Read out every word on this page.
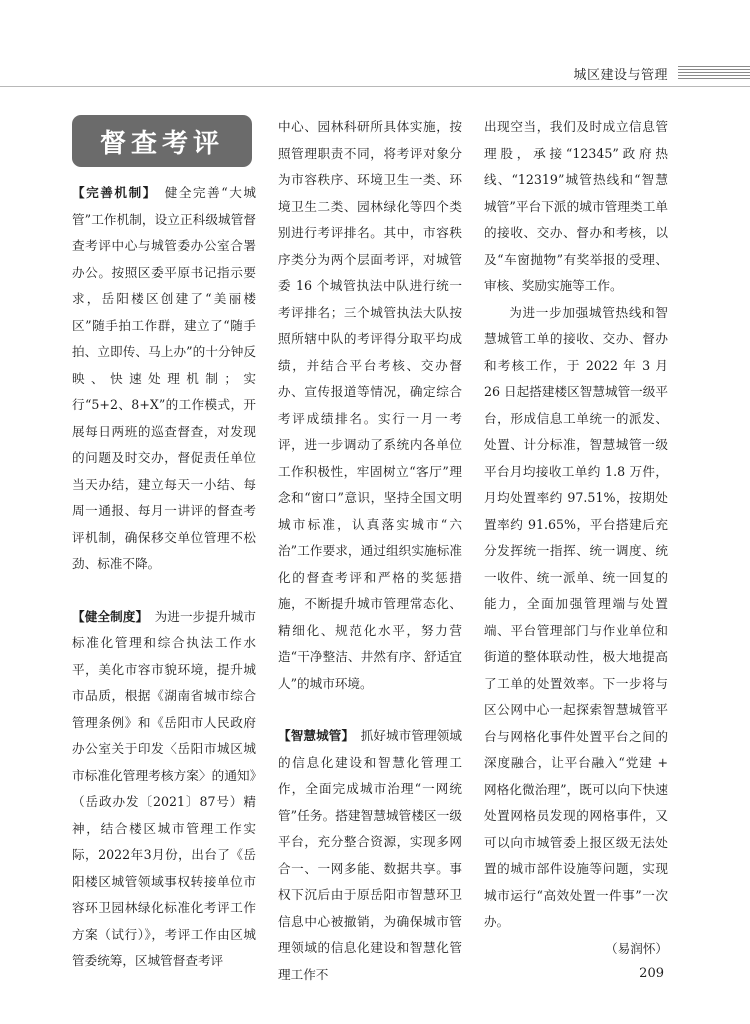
城区建设与管理
督查考评

【完善机制】　 健全完善“大城管”工作机制，设立正科级城管督查考评中心与城管委办公室合署办公。按照区委平原书记指示要求，岳阳楼区创建了“美丽楼区”随手拍工作群，建立了“随手拍、立即传、马上办”的十分钟反映、快速处理机制；实行“5+2、8+X”的工作模式，开展每日两班的巡查督查，对发现的问题及时交办，督促责任单位当天办结，建立每天一小结、每周一通报、每月一讲评的督查考评机制，确保移交单位管理不松劲、标准不降。

【健全制度】　 为进一步提升城市标准化管理和综合执法工作水平，美化市容市貌环境，提升城市品质，根据《湖南省城市综合管理条例》和《岳阳市人民政府办公室关于印发〈岳阳市城区城市标准化管理考核方案〉的通知》（岳政办发〔2021〕87号）精神，结合楼区城市管理工作实际，2022年3月份，出台了《岳阳楼区城管领域事权转接单位市容环卫园林绿化标准化考评工作方案（试行）》，考评工作由区城管委统筹，区城管督查考评

中心、园林科研所具体实施，按照管理职责不同，将考评对象分为市容秩序、环境卫生一类、环境卫生二类、园林绿化等四个类别进行考评排名。其中，市容秩序类分为两个层面考评，对城管委 16 个城管执法中队进行统一考评排名；三个城管执法大队按照所辖中队的考评得分取平均成绩，并结合平台考核、交办督办、宣传报道等情况，确定综合考评成绩排名。实行一月一考评，进一步调动了系统内各单位工作积极性，牢固树立“客厅”理念和“窗口”意识，坚持全国文明城市标准，认真落实城市“六治”工作要求，通过组织实施标准化的督查考评和严格的奖惩措施，不断提升城市管理常态化、精细化、规范化水平，努力营造“干净整洁、井然有序、舒适宜人”的城市环境。

【智慧城管】　 抓好城市管理领域的信息化建设和智慧化管理工作，全面完成城市治理“一网统管”任务。搭建智慧城管楼区一级平台，充分整合资源，实现多网合一、一网多能、数据共享。事权下沉后由于原岳阳市智慧环卫信息中心被撤销，为确保城市管理领域的信息化建设和智慧化管理工作不

出现空当，我们及时成立信息管理股，承接“12345”政府热线、“12319”城管热线和“智慧城管”平台下派的城市管理类工单的接收、交办、督办和考核，以及“车窗抛物”有奖举报的受理、审核、奖励实施等工作。

为进一步加强城管热线和智慧城管工单的接收、交办、督办和考核工作，于 2022 年 3 月 26 日起搭建楼区智慧城管一级平台，形成信息工单统一的派发、处置、计分标准，智慧城管一级平台月均接收工单约 1.8 万件，月均处置率约 97.51%，按期处置率约 91.65%，平台搭建后充分发挥统一指挥、统一调度、统一收件、统一派单、统一回复的能力，全面加强管理端与处置端、平台管理部门与作业单位和街道的整体联动性，极大地提高了工单的处置效率。下一步将与区公网中心一起探索智慧城管平台与网格化事件处置平台之间的深度融合，让平台融入“党建 + 网格化微治理”，既可以向下快速处置网格员发现的网格事件，又可以向市城管委上报区级无法处置的城市部件设施等问题，实现城市运行“高效处置一件事”一次办。

（易润怀）

209
